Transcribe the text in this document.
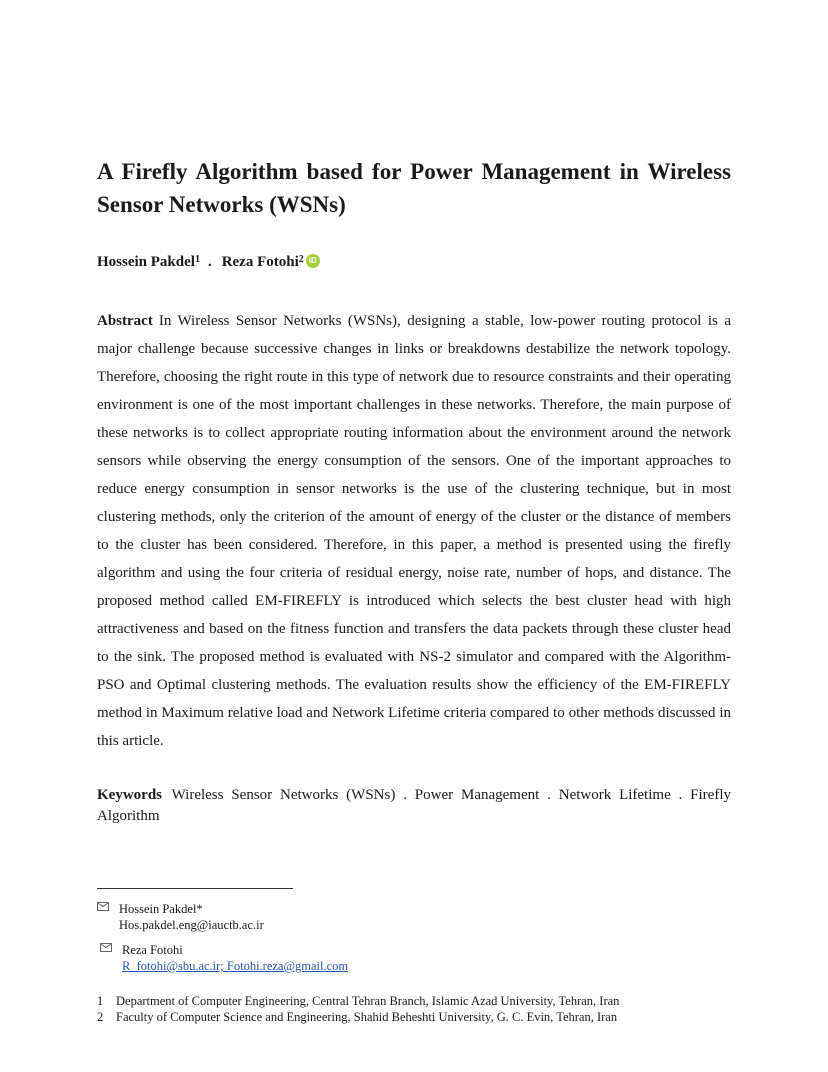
A Firefly Algorithm based for Power Management in Wireless Sensor Networks (WSNs)
Hossein Pakdel$^1$ . Reza Fotohi$^2$ iD

Abstract In Wireless Sensor Networks (WSNs), designing a stable, low-power routing protocol is a major challenge because successive changes in links or breakdowns destabilize the network topology. Therefore, choosing the right route in this type of network due to resource constraints and their operating environment is one of the most important challenges in these networks. Therefore, the main purpose of these networks is to collect appropriate routing information about the environment around the network sensors while observing the energy consumption of the sensors. One of the important approaches to reduce energy consumption in sensor networks is the use of the clustering technique, but in most clustering methods, only the criterion of the amount of energy of the cluster or the distance of members to the cluster has been considered. Therefore, in this paper, a method is presented using the firefly algorithm and using the four criteria of residual energy, noise rate, number of hops, and distance. The proposed method called EM-FIREFLY is introduced which selects the best cluster head with high attractiveness and based on the fitness function and transfers the data packets through these cluster head to the sink. The proposed method is evaluated with NS-2 simulator and compared with the Algorithm-PSO and Optimal clustering methods. The evaluation results show the efficiency of the EM-FIREFLY method in Maximum relative load and Network Lifetime criteria compared to other methods discussed in this article.

Keywords Wireless Sensor Networks (WSNs) . Power Management . Network Lifetime . Firefly Algorithm

Hossein Pakdel*
Hos.pakdel.eng@iauctb.ac.ir
Reza Fotohi
R_fotohi@sbu.ac.ir; Fotohi.reza@gmail.com
1 Department of Computer Engineering, Central Tehran Branch, Islamic Azad University, Tehran, Iran
2 Faculty of Computer Science and Engineering, Shahid Beheshti University, G. C. Evin, Tehran, Iran
